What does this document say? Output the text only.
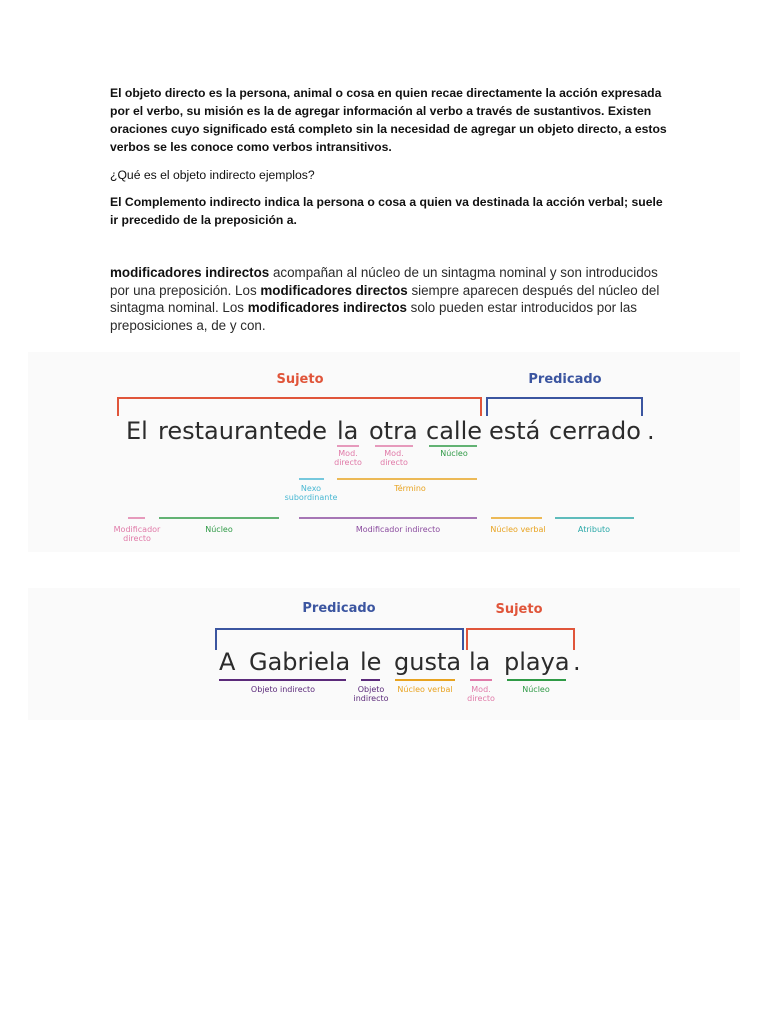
El objeto directo es la persona, animal o cosa en quien recae directamente la acción expresada por el verbo, su misión es la de agregar información al verbo a través de sustantivos. Existen oraciones cuyo significado está completo sin la necesidad de agregar un objeto directo, a estos verbos se les conoce como verbos intransitivos.

¿Qué es el objeto indirecto ejemplos?

El Complemento indirecto indica la persona o cosa a quien va destinada la acción verbal; suele ir precedido de la preposición a.

modificadores indirectos acompañan al núcleo de un sintagma nominal y son introducidos por una preposición. Los modificadores directos siempre aparecen después del núcleo del sintagma nominal. Los modificadores indirectos solo pueden estar introducidos por las preposiciones a, de y con.

Sujeto	Predicado
El restaurante de la otra calle está cerrado .
Mod.
directo
Mod.
directo
Núcleo
Nexo
subordinante
Término
Modificador
directo
Núcleo	Modificador indirecto	Núcleo verbal	Atributo
Predicado	Sujeto
A Gabriela le gusta la playa .
Objeto indirecto	Objeto
indirecto
Núcleo verbal Mod.
directo
Núcleo
